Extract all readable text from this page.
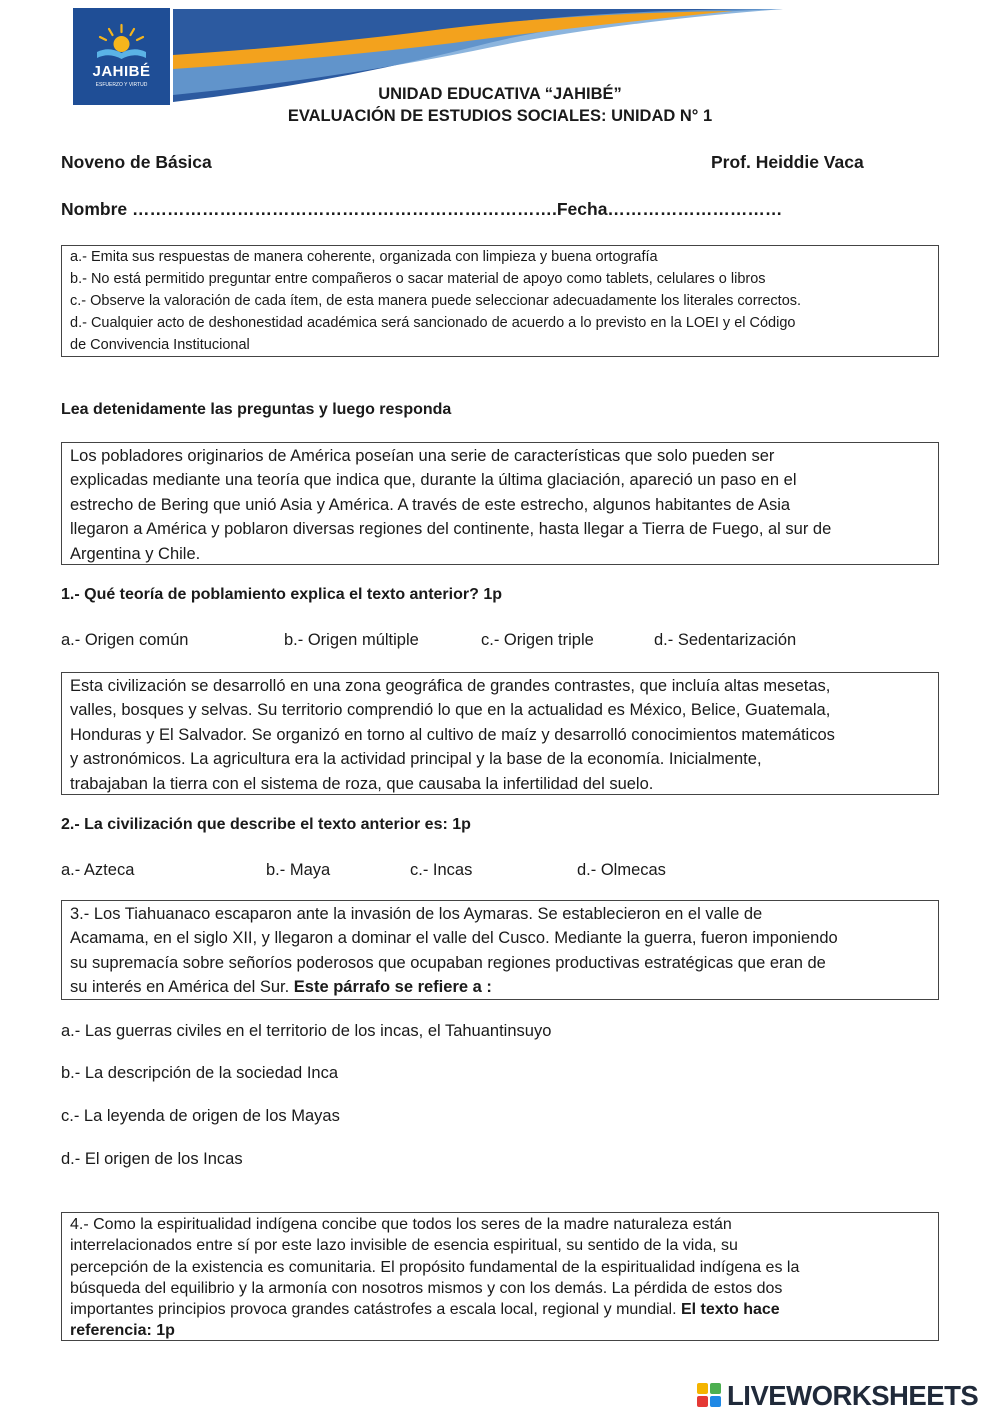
JAHIBÉ
ESFUERZO Y VIRTUD	UNIDAD EDUCATIVA “JAHIBÉ”
EVALUACIÓN DE ESTUDIOS SOCIALES: UNIDAD N° 1
Noveno de Básica	Prof. Heiddie Vaca
Nombre ……………………………………………………………….Fecha…………………………
a.- Emita sus respuestas de manera coherente, organizada con limpieza y buena ortografía
b.- No está permitido preguntar entre compañeros o sacar material de apoyo como tablets, celulares o libros
c.- Observe la valoración de cada ítem, de esta manera puede seleccionar adecuadamente los literales correctos.
d.- Cualquier acto de deshonestidad académica será sancionado de acuerdo a lo previsto en la LOEI y el Código
de Convivencia Institucional
Lea detenidamente las preguntas y luego responda
Los pobladores originarios de América poseían una serie de características que solo pueden ser
explicadas mediante una teoría que indica que, durante la última glaciación, apareció un paso en el
estrecho de Bering que unió Asia y América. A través de este estrecho, algunos habitantes de Asia
llegaron a América y poblaron diversas regiones del continente, hasta llegar a Tierra de Fuego, al sur de
Argentina y Chile.
1.- Qué teoría de poblamiento explica el texto anterior? 1p
a.- Origen común	b.- Origen múltiple	c.- Origen triple	d.- Sedentarización
Esta civilización se desarrolló en una zona geográfica de grandes contrastes, que incluía altas mesetas,
valles, bosques y selvas. Su territorio comprendió lo que en la actualidad es México, Belice, Guatemala,
Honduras y El Salvador. Se organizó en torno al cultivo de maíz y desarrolló conocimientos matemáticos
y astronómicos. La agricultura era la actividad principal y la base de la economía. Inicialmente,
trabajaban la tierra con el sistema de roza, que causaba la infertilidad del suelo.
2.- La civilización que describe el texto anterior es: 1p
a.- Azteca	b.- Maya	c.- Incas	d.- Olmecas
3.- Los Tiahuanaco escaparon ante la invasión de los Aymaras. Se establecieron en el valle de
Acamama, en el siglo XII, y llegaron a dominar el valle del Cusco. Mediante la guerra, fueron imponiendo
su supremacía sobre señoríos poderosos que ocupaban regiones productivas estratégicas que eran de
su interés en América del Sur. Este párrafo se refiere a :
a.- Las guerras civiles en el territorio de los incas, el Tahuantinsuyo
b.- La descripción de la sociedad Inca
c.- La leyenda de origen de los Mayas
d.- El origen de los Incas
4.- Como la espiritualidad indígena concibe que todos los seres de la madre naturaleza están
interrelacionados entre sí por este lazo invisible de esencia espiritual, su sentido de la vida, su
percepción de la existencia es comunitaria. El propósito fundamental de la espiritualidad indígena es la
búsqueda del equilibrio y la armonía con nosotros mismos y con los demás. La pérdida de estos dos
importantes principios provoca grandes catástrofes a escala local, regional y mundial. El texto hace
referencia: 1p
LIVEWORKSHEETS
